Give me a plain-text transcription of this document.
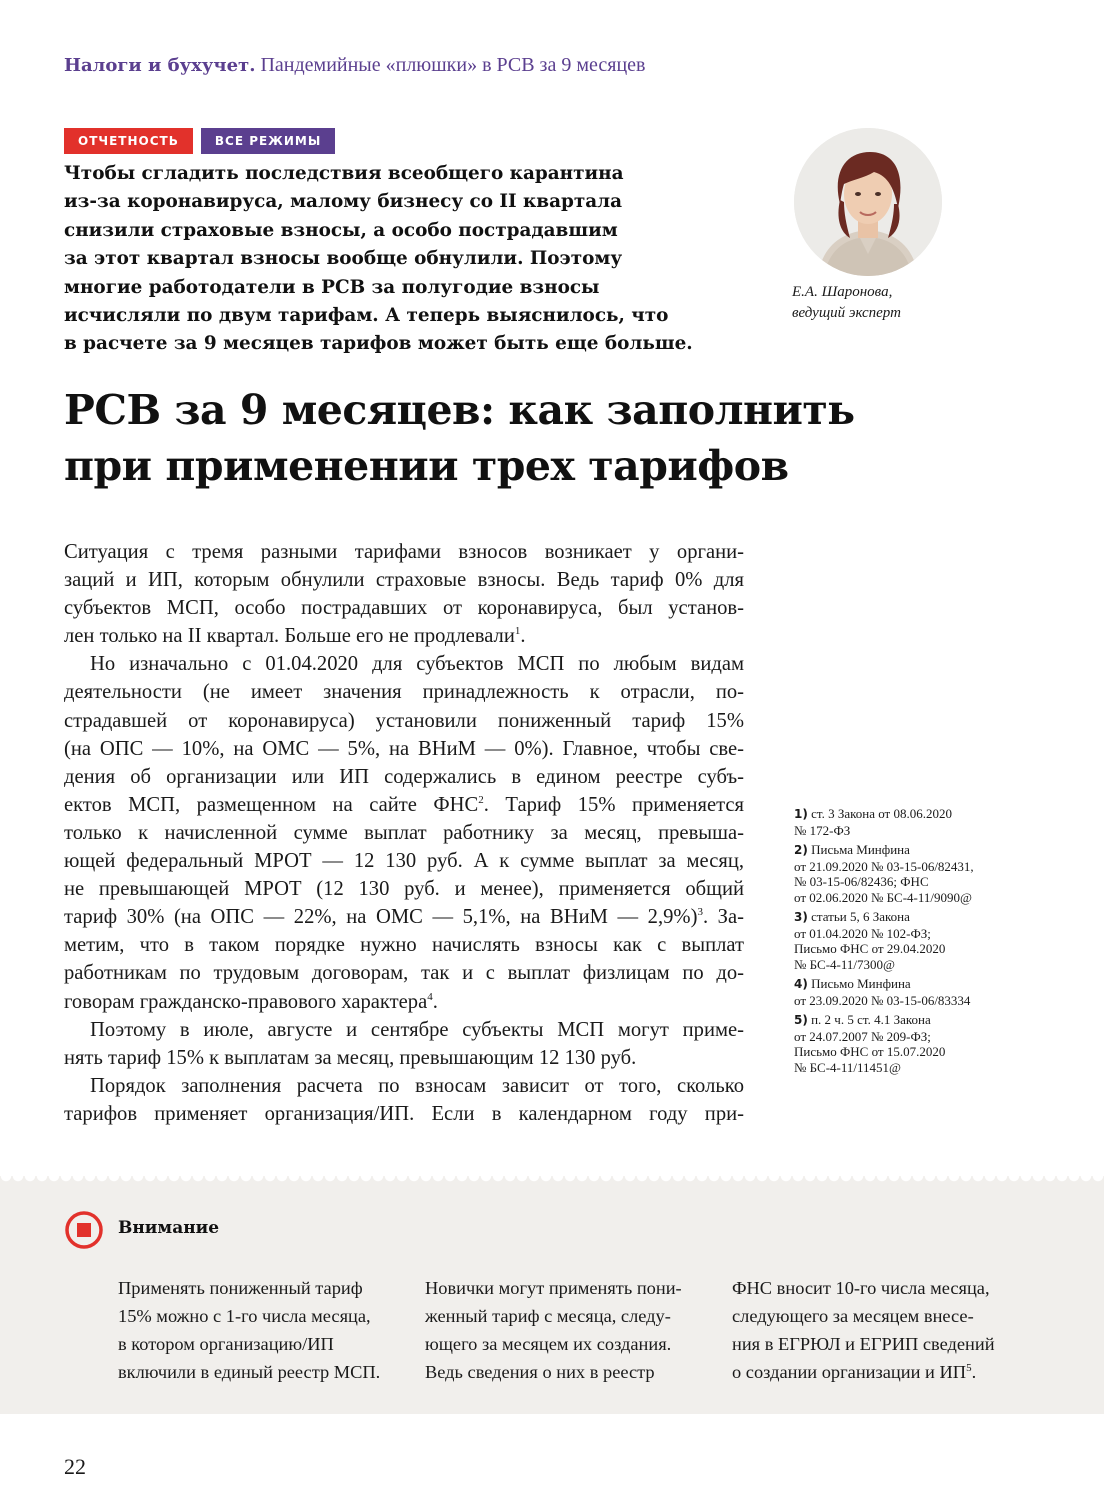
Налоги и бухучет. Пандемийные «плюшки» в РСВ за 9 месяцев
ОТЧЕТНОСТЬ	ВСЕ РЕЖИМЫ
Чтобы сгладить последствия всеобщего карантина
из-за коронавируса, малому бизнесу со II квартала
снизили страховые взносы, а особо пострадавшим
за этот квартал взносы вообще обнулили. Поэтому
многие работодатели в РСВ за полугодие взносы
исчисляли по двум тарифам. А теперь выяснилось, что
в расчете за 9 месяцев тарифов может быть еще больше.
Е.А. Шаронова,
ведущий эксперт
РСВ за 9 месяцев: как заполнить
при применении трех тарифов
Ситуация с тремя разными тарифами взносов возникает у органи-
заций и ИП, которым обнулили страховые взносы. Ведь тариф 0% для
субъектов МСП, особо пострадавших от коронавируса, был установ-
лен только на II квартал. Больше его не продлевали$^1$.
Но изначально с 01.04.2020 для субъектов МСП по любым видам
деятельности (не имеет значения принадлежность к отрасли, по-
страдавшей от коронавируса) установили пониженный тариф 15%
(на ОПС — 10%, на ОМС — 5%, на ВНиМ — 0%). Главное, чтобы све-
дения об организации или ИП содержались в едином реестре субъ-
ектов МСП, размещенном на сайте ФНС$^2$. Тариф 15% применяется
только к начисленной сумме выплат работнику за месяц, превыша-
ющей федеральный МРОТ — 12 130 руб. А к сумме выплат за месяц,
не превышающей МРОТ (12 130 руб. и менее), применяется общий
тариф 30% (на ОПС — 22%, на ОМС — 5,1%, на ВНиМ — 2,9%)$^3$. За-
метим, что в таком порядке нужно начислять взносы как с выплат
работникам по трудовым договорам, так и с выплат физлицам по до-
говорам гражданско-правового характера$^4$.
Поэтому в июле, августе и сентябре субъекты МСП могут приме-
нять тариф 15% к выплатам за месяц, превышающим 12 130 руб.
Порядок заполнения расчета по взносам зависит от того, сколько
тарифов применяет организация/ИП. Если в календарном году при-
1) ст. 3 Закона от 08.06.2020
№ 172-ФЗ
2) Письма Минфина
от 21.09.2020 № 03-15-06/82431,
№ 03-15-06/82436; ФНС
от 02.06.2020 № БС-4-11/9090@
3) статьи 5, 6 Закона
от 01.04.2020 № 102-ФЗ;
Письмо ФНС от 29.04.2020
№ БС-4-11/7300@
4) Письмо Минфина
от 23.09.2020 № 03-15-06/83334
5) п. 2 ч. 5 ст. 4.1 Закона
от 24.07.2007 № 209-ФЗ;
Письмо ФНС от 15.07.2020
№ БС-4-11/11451@
Внимание
Применять пониженный тариф
15% можно с 1-го числа месяца,
в котором организацию/ИП
включили в единый реестр МСП.
Новички могут применять пони-
женный тариф с месяца, следу-
ющего за месяцем их создания.
Ведь сведения о них в реестр
ФНС вносит 10-го числа месяца,
следующего за месяцем внесе-
ния в ЕГРЮЛ и ЕГРИП сведений
о создании организации и $ИП^5$.
22
